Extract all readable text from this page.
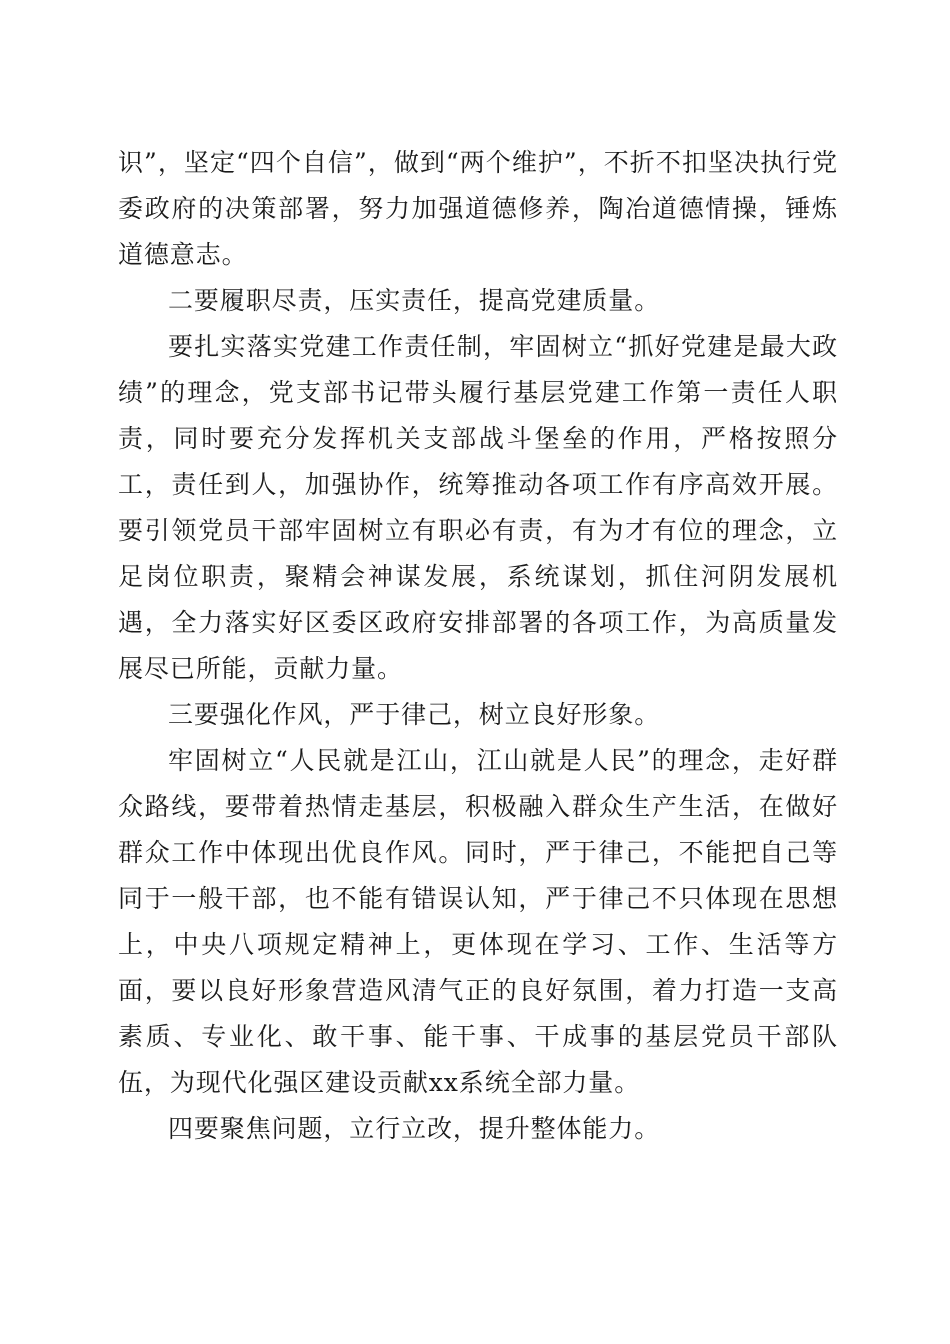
识”，坚定“四个自信”，做到“两个维护”，不折不扣坚决执行党委政府的决策部署，努力加强道德修养，陶冶道德情操，锤炼道德意志。

二要履职尽责，压实责任，提高党建质量。

要扎实落实党建工作责任制，牢固树立“抓好党建是最大政绩”的理念，党支部书记带头履行基层党建工作第一责任人职责，同时要充分发挥机关支部战斗堡垒的作用，严格按照分工，责任到人，加强协作，统筹推动各项工作有序高效开展。要引领党员干部牢固树立有职必有责，有为才有位的理念，立足岗位职责，聚精会神谋发展，系统谋划，抓住河阴发展机遇，全力落实好区委区政府安排部署的各项工作，为高质量发展尽已所能，贡献力量。

三要强化作风，严于律己，树立良好形象。

牢固树立“人民就是江山，江山就是人民”的理念，走好群众路线，要带着热情走基层，积极融入群众生产生活，在做好群众工作中体现出优良作风。同时，严于律己，不能把自己等同于一般干部，也不能有错误认知，严于律己不只体现在思想上，中央八项规定精神上，更体现在学习、工作、生活等方面，要以良好形象营造风清气正的良好氛围，着力打造一支高素质、专业化、敢干事、能干事、干成事的基层党员干部队伍，为现代化强区建设贡献xx系统全部力量。

四要聚焦问题，立行立改，提升整体能力。
